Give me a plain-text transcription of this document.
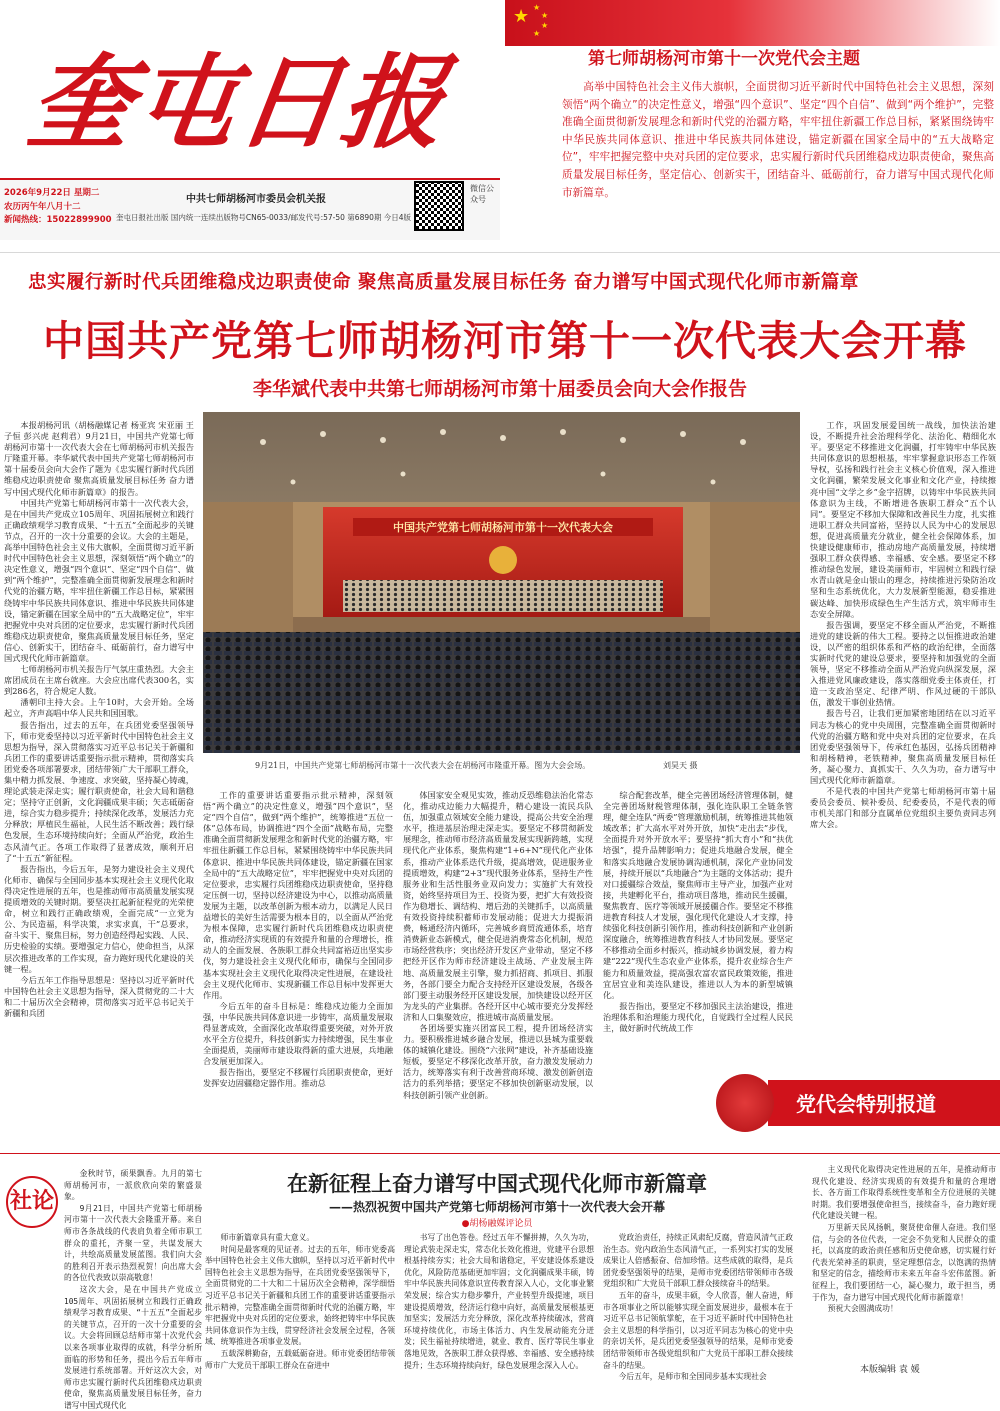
★ ★
★
★
★
奎屯日报	第七师胡杨河市第十一次党代会主题
高举中国特色社会主义伟大旗帜，全面贯彻习近平新时代中国特色社会主义思想，深刻领悟“两个确立”的决定性意义，增强“四个意识”、坚定“四个自信”、做到“两个维护”，完整准确全面贯彻新发展理念和新时代党的治疆方略，牢牢扭住新疆工作总目标，紧紧围绕铸牢中华民族共同体意识、推进中华民族共同体建设，锚定新疆在国家全局中的“五大战略定位”，牢牢把握完整中央对兵团的定位要求，忠实履行新时代兵团维稳戍边职责使命，聚焦高质量发展目标任务，坚定信心、创新实干，团结奋斗、砥砺前行，奋力谱写中国式现代化师市新篇章。
2026年9月22日 星期二
农历丙午年八月十二
新闻热线：15022899900
中共七师胡杨河市委员会机关报
奎屯日报社出版 国内统一连续出版物号CN65-0033/邮发代号:57-50 第6890期 今日4版
微信公众号
忠实履行新时代兵团维稳戍边职责使命 聚焦高质量发展目标任务 奋力谱写中国式现代化师市新篇章
中国共产党第七师胡杨河市第十一次代表大会开幕
李华斌代表中共第七师胡杨河市第十届委员会向大会作报告
中国共产党第七师胡杨河市第十一次代表大会
9月21日，中国共产党第七师胡杨河市第十一次代表大会在胡杨河市隆重开幕。图为大会会场。	刘昊天 摄

本报胡杨河讯（胡杨融媒记者 杨亚宾 宋亚丽 王子恒 彭兴虎 赵莉君）9月21日，中国共产党第七师胡杨河市第十一次代表大会在七师胡杨河市机关报告厅隆重开幕。李华斌代表中国共产党第七师胡杨河市第十届委员会向大会作了题为《忠实履行新时代兵团维稳戍边职责使命 聚焦高质量发展目标任务 奋力谱写中国式现代化师市新篇章》的报告。

中国共产党第七师胡杨河市第十一次代表大会，是在中国共产党成立105周年、巩固拓展树立和践行正确政绩观学习教育成果、“十五五”全面起步的关键节点，召开的一次十分重要的会议。大会的主题是，高举中国特色社会主义伟大旗帜，全面贯彻习近平新时代中国特色社会主义思想，深刻领悟“两个确立”的决定性意义，增强“四个意识”、坚定“四个自信”、做到“两个维护”，完整准确全面贯彻新发展理念和新时代党的治疆方略，牢牢扭住新疆工作总目标，紧紧围绕铸牢中华民族共同体意识、推进中华民族共同体建设，锚定新疆在国家全局中的“五大战略定位”，牢牢把握党中央对兵团的定位要求，忠实履行新时代兵团维稳戍边职责使命，聚焦高质量发展目标任务，坚定信心、创新实干，团结奋斗、砥砺前行，奋力谱写中国式现代化师市新篇章。

七师胡杨河市机关报告厅气氛庄重热烈。大会主席团成员在主席台就座。大会应出席代表300名，实到286名，符合规定人数。

潘朝印主持大会。上午10时，大会开始。全场起立，齐声高唱中华人民共和国国歌。

报告指出，过去的五年，在兵团党委坚强领导下，师市党委坚持以习近平新时代中国特色社会主义思想为指导，深入贯彻落实习近平总书记关于新疆和兵团工作的重要讲话重要指示批示精神，贯彻落实兵团党委各项部署要求，团结带领广大干部职工群众，集中精力抓发展、争速度、求突破，坚持凝心铸魂，理论武装走深走实；履行职责使命，社会大局和谐稳定；坚持守正创新，文化润疆成果丰硕；矢志砥砺奋进，综合实力稳步提升；持续深化改革，发展活力充分释放；厚植民生福祉，人民生活不断改善；践行绿色发展，生态环境持续向好；全面从严治党，政治生态风清气正。各项工作取得了显著成效，顺利开启了“十五五”新征程。

报告指出，今后五年，是努力建设社会主义现代化师市、确保与全国同步基本实现社会主义现代化取得决定性进展的五年，也是推动师市高质量发展实现提质增效的关键时期。要坚决扛起新征程党的光荣使命，树立和践行正确政绩观，全面完成“一立党为公、为民造福，科学决策，求实求真，干”总要求，奋斗实干、聚焦目标，努力创造经得起实践、人民、历史检验的实绩。要增强定力信心，使命担当，从深层次推进改革的工作实现，奋力跑好现代化建设的关键一程。

今后五年工作指导思想是：坚持以习近平新时代中国特色社会主义思想为指导，深入贯彻党的二十大和二十届历次全会精神，贯彻落实习近平总书记关于新疆和兵团

工作的重要讲话重要指示批示精神，深刻领悟“两个确立”的决定性意义，增强“四个意识”，坚定“四个自信”，做到“两个维护”，统筹推进“五位一体”总体布局，协调推进“四个全面”战略布局，完整准确全面贯彻新发展理念和新时代党的治疆方略，牢牢扭住新疆工作总目标，紧紧围绕铸牢中华民族共同体意识、推进中华民族共同体建设，锚定新疆在国家全局中的“五大战略定位”，牢牢把握党中央对兵团的定位要求，忠实履行兵团维稳戍边职责使命，坚持稳定压倒一切，坚持以经济建设为中心，以推动高质量发展为主题，以改革创新为根本动力，以满足人民日益增长的美好生活需要为根本目的，以全面从严治党为根本保障，忠实履行新时代兵团维稳戍边职责使命，推动经济实现质的有效提升和量的合理增长，推动人的全面发展、各族职工群众共同富裕迈出坚实步伐，努力建设社会主义现代化师市，确保与全国同步基本实现社会主义现代化取得决定性进展，在建设社会主义现代化师市、实现新疆工作总目标中发挥更大作用。

今后五年的奋斗目标是：维稳戍边能力全面加强，中华民族共同体意识进一步铸牢，高质量发展取得显著成效，全面深化改革取得重要突破，对外开放水平全方位提升，科技创新实力持续增强，民生事业全面提质，美丽师市建设取得新的重大进展，兵地融合发展更加深入。

报告指出，要坚定不移履行兵团职责使命，更好发挥安边固疆稳定器作用。推动总

体国家安全观见实效，推动反恐维稳法治化常态化，推动戍边能力大幅提升，精心建设一流民兵队伍，加强重点领域安全能力建设，提高公共安全治理水平，推进基层治理走深走实。要坚定不移贯彻新发展理念，推动师市经济高质量发展实现新跨越，实现现代化产业体系，聚焦构建“1+6+N”现代化产业体系，推动产业体系迭代升级，提高增效，促进服务业提质增效，构建“2+3”现代服务业体系，坚持生产性服务业和生活性服务业双向发力；实施扩大有效投资，始终坚持项目为王、投资为要，把扩大有效投资作为稳增长、调结构、增后劲的关键抓手，以高质量有效投资持续积蓄师市发展动能；促进大力提振消费，畅通经济内循环，完善城乡商贸流通体系，培育消费新业态新模式，健全促进消费常态化机制，规范市场经营秩序；突出经济开发区产业带动，坚定不移把经开区作为师市经济建设主战场、产业发展主阵地、高质量发展主引擎，聚力抓招商、抓项目、抓服务，各部门要全力配合支持经开区建设发展，各级各部门要主动服务经开区建设发展，加快建设以经开区为龙头的产业集群。各经开区中心城市要充分发挥经济和人口集聚效应，推进城市高质量发展。

各团场要实施兴团富民工程，提升团场经济实力。要积极推进城乡融合发展，推进以县城为重要载体的城镇化建设。围绕“六张网”建设，补齐基础设施短板，要坚定不移深化改革开放，奋力激发发展动力活力，统筹落实有利于改善营商环境、激发创新创造活力的系列举措；要坚定不移加快创新驱动发展，以科技创新引领产业创新。

综合配套改革，健全完善团场经济管理体制，健全完善团场财税管理体制，强化连队职工全链条管理，健全连队“两委”管理激励机制，统筹推进其他领域改革；扩大高水平对外开放，加快“走出去”步伐，全面提升对外开放水平；要坚持“抓大育小”和“扶优培强”，提升品牌影响力；促进兵地融合发展，健全和落实兵地融合发展协调沟通机制，深化产业协同发展，持续开展以“兵地融合”为主题的文体活动；提升对口援疆综合效益，聚焦师市主导产业，加强产业对接，共建孵化平台，推动项目落地，推动民生援疆，聚焦教育、医疗等领域开展援疆合作。要坚定不移推进教育科技人才发展，强化现代化建设人才支撑，持续强化科技创新引领作用，推动科技创新和产业创新深度融合，统筹推进教育科技人才协同发展。要坚定不移推动全面乡村振兴，推动城乡协调发展，着力构建“222”现代生态农业产业体系，提升农业综合生产能力和质量效益，提高强农富农富民政策效能，推进宜居宜业和美连队建设，推进以人为本的新型城镇化。

报告指出，要坚定不移加强民主法治建设，推进治理体系和治理能力现代化，自觉践行全过程人民民主，做好新时代统战工作

工作，巩固发展爱国统一战线，加快法治建设，不断提升社会治理科学化、法治化、精细化水平。要坚定不移推进文化润疆，打牢铸牢中华民族共同体意识的思想根基，牢牢掌握意识形态工作领导权，弘扬和践行社会主义核心价值观，深入推进文化润疆，繁荣发展文化事业和文化产业，持续擦亮中国“文学之乡”金字招牌，以铸牢中华民族共同体意识为主线，不断增进各族职工群众“五个认同”。要坚定不移加大保障和改善民生力度，扎实推进职工群众共同富裕，坚持以人民为中心的发展思想，促进高质量充分就业，健全社会保障体系，加快建设健康师市，推动房地产高质量发展，持续增强职工群众获得感、幸福感、安全感。要坚定不移推动绿色发展，建设美丽师市，牢固树立和践行绿水青山就是金山银山的理念，持续推进污染防治攻坚和生态系统优化，大力发展新型能源，稳妥推进碳达峰、加快形成绿色生产生活方式，筑牢师市生态安全屏障。

报告强调，要坚定不移全面从严治党，不断推进党的建设新的伟大工程。要持之以恒推进政治建设，以严密的组织体系和严格的政治纪律，全面落实新时代党的建设总要求，要坚持和加强党的全面领导，坚定不移推动全面从严治党向纵深发展，深入推进党风廉政建设，落实落细党委主体责任，打造一支政治坚定、纪律严明、作风过硬的干部队伍，激发干事创业热情。

报告号召，让我们更加紧密地团结在以习近平同志为核心的党中央周围，完整准确全面贯彻新时代党的治疆方略和党中央对兵团的定位要求，在兵团党委坚强领导下，传承红色基因，弘扬兵团精神和胡杨精神，老铁精神，聚焦高质量发展目标任务，凝心聚力、真抓实干、久久为功，奋力谱写中国式现代化师市新篇章。

不是代表的中国共产党第七师胡杨河市第十届委员会委员、候补委员、纪委委员，不是代表的师市机关部门和部分直属单位党组织主要负责同志列席大会。

党代会特别报道
社论
在新征程上奋力谱写中国式现代化师市新篇章
——热烈祝贺中国共产党第七师胡杨河市第十一次代表大会开幕
●胡杨融媒评论员

金秋时节，硕果飘香。九月的第七师胡杨河市，一派欣欣向荣的繁盛景象。

9月21日，中国共产党第七师胡杨河市第十一次代表大会隆重开幕。来自师市各条战线的代表肩负着全师市职工群众的重托，齐聚一堂，共谋发展大计，共绘高质量发展蓝图。我们向大会的胜利召开表示热烈祝贺！向出席大会的各位代表致以崇高敬意！

这次大会，是在中国共产党成立105周年、巩固拓展树立和践行正确政绩观学习教育成果、“十五五”全面起步的关键节点，召开的一次十分重要的会议。大会将回顾总结师市第十次党代会以来各项事业取得的成就，科学分析所面临的形势和任务，提出今后五年师市发展进行系统部署。开好这次大会，对师市忠实履行新时代兵团维稳戍边职责使命，聚焦高质量发展目标任务，奋力谱写中国式现代化

师市新篇章具有重大意义。

时间是最客观的见证者。过去的五年，师市党委高举中国特色社会主义伟大旗帜，坚持以习近平新时代中国特色社会主义思想为指导，在兵团党委坚强领导下，全面贯彻党的二十大和二十届历次全会精神，深学细悟习近平总书记关于新疆和兵团工作的重要讲话重要指示批示精神，完整准确全面贯彻新时代党的治疆方略，牢牢把握党中央对兵团的定位要求，始终把铸牢中华民族共同体意识作为主线，贯穿经济社会发展全过程，各领域、统筹推进各项事业发展。

五载深耕勤奋，五载砥砺奋进。师市党委团结带领师市广大党员干部职工群众在奋进中

书写了出色答卷。经过五年不懈拼搏，久久为功，理论武装走深走实，常态化长效化推进，党建平台思想根基持续夯实；社会大局和谐稳定，平安建设体系建设优化，风险防范基础更加牢固；文化润疆成果丰硕，铸牢中华民族共同体意识宣传教育深入人心，文化事业繁荣发展；综合实力稳步攀升，产业转型升级提速，项目建设提质增效，经济运行稳中向好，高质量发展根基更加坚实；发展活力充分释放，深化改革持续破冰，营商环境持续优化，市场主体活力、内生发展动能充分迸发；民生福祉持续增进，就业、教育、医疗等民生事业落地见效，各族职工群众获得感、幸福感、安全感持续提升；生态环境持续向好，绿色发展理念深入人心。

党政治责任，持续正风肃纪反腐，营造风清气正政治生态。党内政治生态风清气正，一系列实打实的发展成果让人倍感振奋、倍加珍惜。这些成就的取得，是兵团党委坚强领导的结果，是师市党委团结带领师市各级党组织和广大党员干部职工群众接续奋斗的结果。

五年的奋斗，成果丰硕，令人欣喜，催人奋进，师市各项事业之所以能够实现全面发展进步，最根本在于习近平总书记领航掌舵，在于习近平新时代中国特色社会主义思想的科学指引，以习近平同志为核心的党中央的亲切关怀，是兵团党委坚强领导的结果，是师市党委团结带领师市各级党组织和广大党员干部职工群众接续奋斗的结果。

今后五年，是师市和全国同步基本实现社会

主义现代化取得决定性进展的五年，是推动师市现代化建设、经济实现质的有效提升和量的合理增长、各方面工作取得系统性变革和全方位进展的关键时期。我们要增强使命担当，接续奋斗，奋力跑好现代化建设关键一程。

万里新天民风扬帆，聚贤使命催人奋进。我们坚信，与会的各位代表，一定会不负党和人民群众的重托，以高度的政治责任感和历史使命感，切实履行好代表光荣神圣的职责，坚定理想信念，以饱满的热情和坚定的信念，描绘师市未来五年奋斗宏伟蓝图。新征程上，我们要团结一心，凝心聚力，敢于担当，勇于作为，奋力谱写中国式现代化师市新篇章！

预祝大会圆满成功！

本版编辑 袁 媛
